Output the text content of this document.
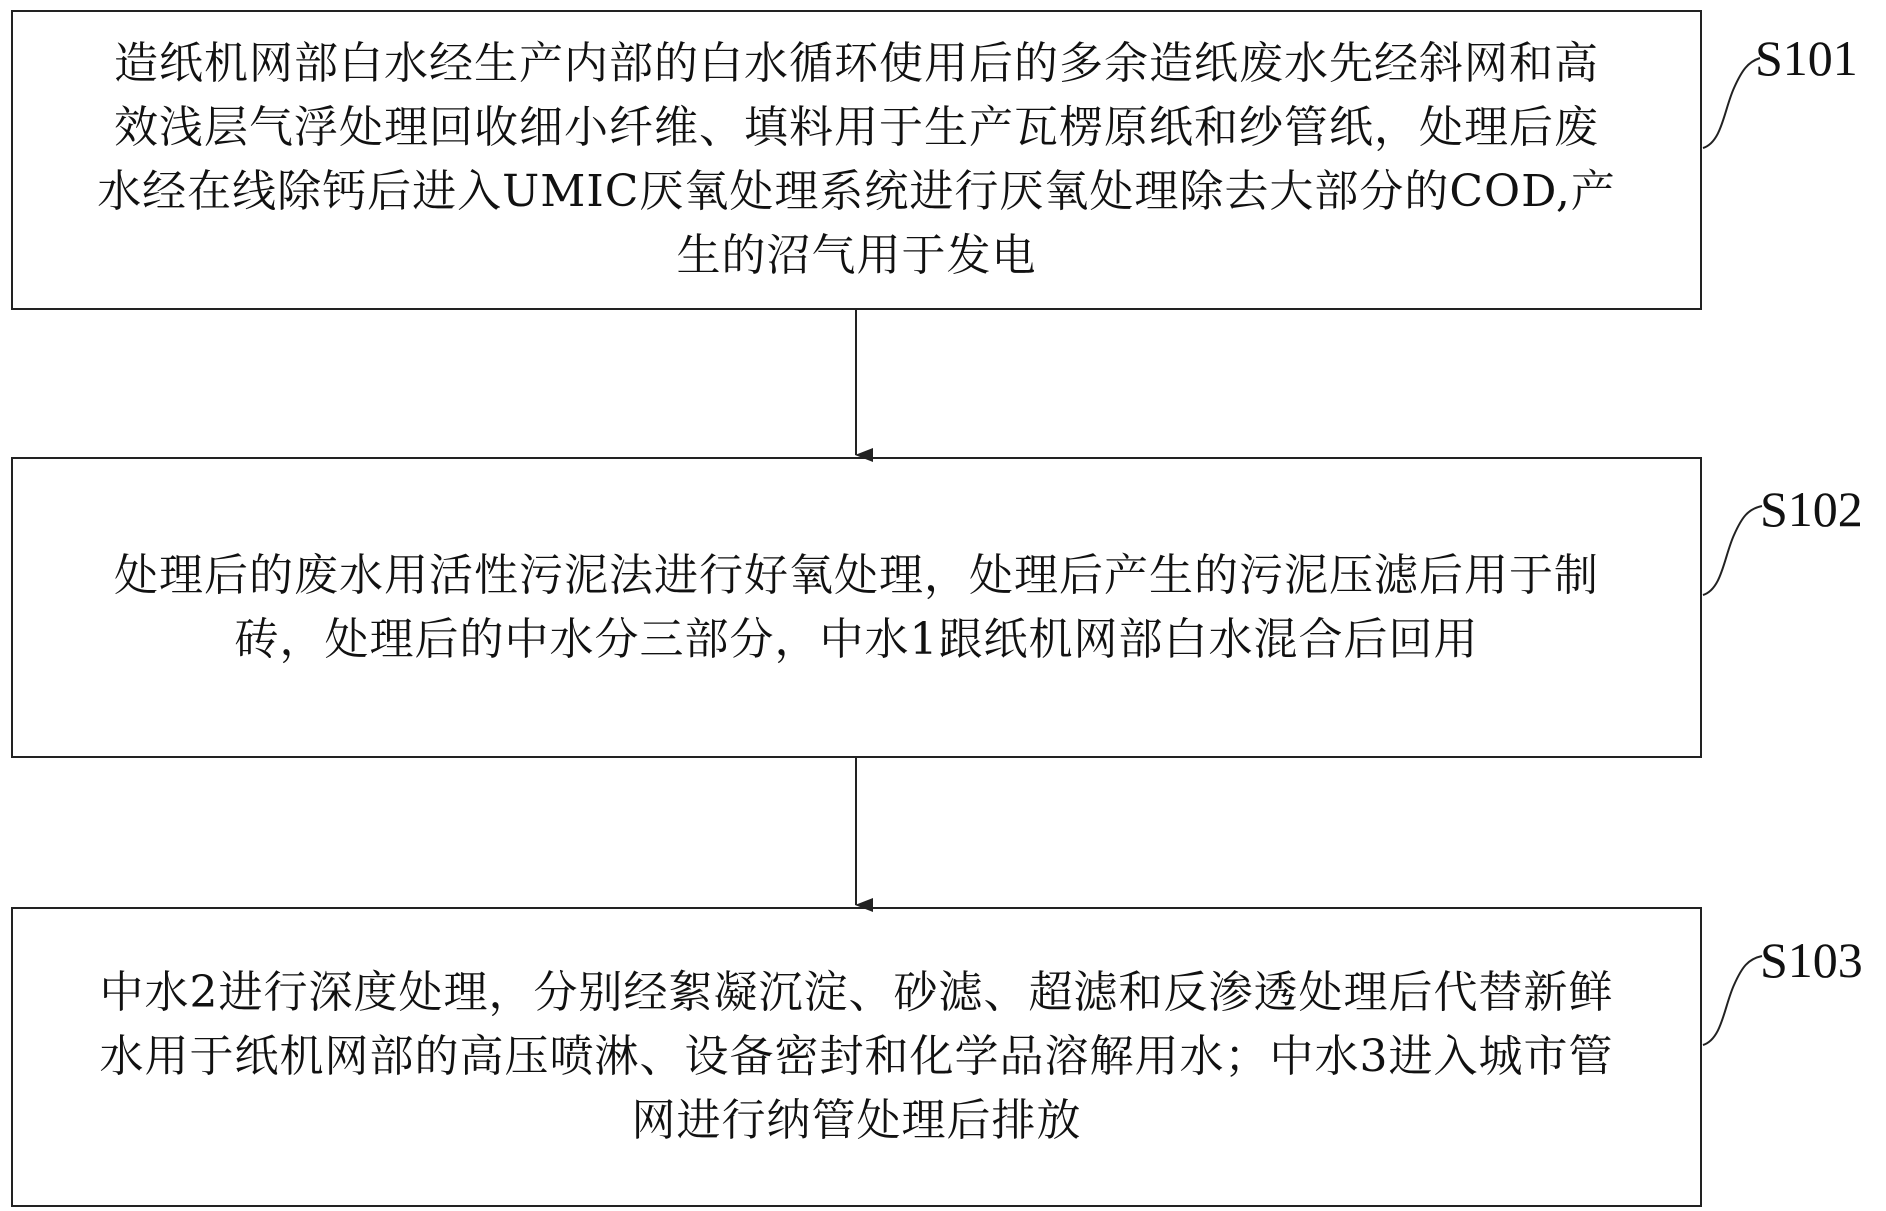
造纸机网部白水经生产内部的白水循环使用后的多余造纸废水先经斜网和高
效浅层气浮处理回收细小纤维、填料用于生产瓦楞原纸和纱管纸，处理后废
水经在线除钙后进入UMIC厌氧处理系统进行厌氧处理除去大部分的COD,产
生的沼气用于发电
处理后的废水用活性污泥法进行好氧处理，处理后产生的污泥压滤后用于制
砖，处理后的中水分三部分，中水1跟纸机网部白水混合后回用
中水2进行深度处理，分别经絮凝沉淀、砂滤、超滤和反渗透处理后代替新鲜
水用于纸机网部的高压喷淋、设备密封和化学品溶解用水；中水3进入城市管
网进行纳管处理后排放
S101
S102
S103
